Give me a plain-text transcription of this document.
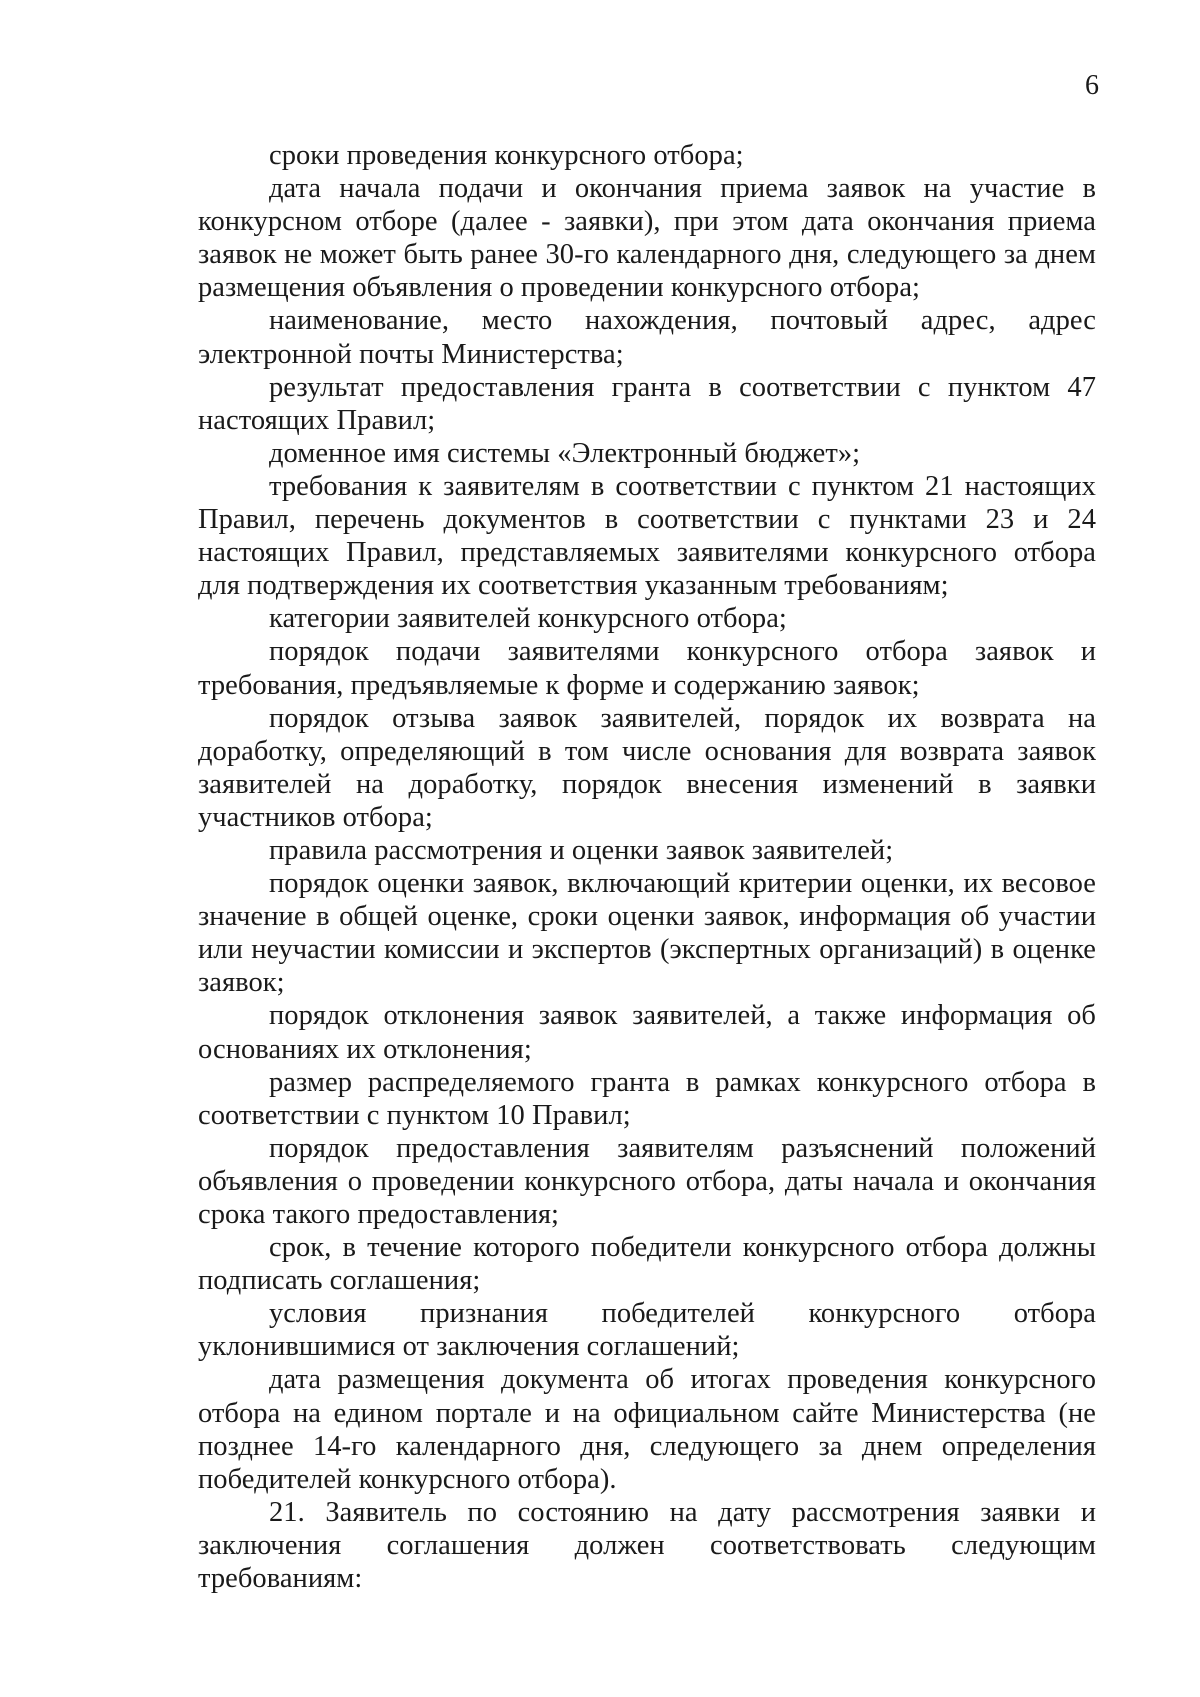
6

сроки проведения конкурсного отбора;

дата начала подачи и окончания приема заявок на участие в конкурсном отборе (далее - заявки), при этом дата окончания приема заявок не может быть ранее 30-го календарного дня, следующего за днем размещения объявления о проведении конкурсного отбора;

наименование, место нахождения, почтовый адрес, адрес электронной почты Министерства;

результат предоставления гранта в соответствии с пунктом 47 настоящих Правил;

доменное имя системы «Электронный бюджет»;

требования к заявителям в соответствии с пунктом 21 настоящих Правил, перечень документов в соответствии с пунктами 23 и 24 настоящих Правил, представляемых заявителями конкурсного отбора для подтверждения их соответствия указанным требованиям;

категории заявителей конкурсного отбора;

порядок подачи заявителями конкурсного отбора заявок и требования, предъявляемые к форме и содержанию заявок;

порядок отзыва заявок заявителей, порядок их возврата на доработку, определяющий в том числе основания для возврата заявок заявителей на доработку, порядок внесения изменений в заявки участников отбора;

правила рассмотрения и оценки заявок заявителей;

порядок оценки заявок, включающий критерии оценки, их весовое значение в общей оценке, сроки оценки заявок, информация об участии или неучастии комиссии и экспертов (экспертных организаций) в оценке заявок;

порядок отклонения заявок заявителей, а также информация об основаниях их отклонения;

размер распределяемого гранта в рамках конкурсного отбора в соответствии с пунктом 10 Правил;

порядок предоставления заявителям разъяснений положений объявления о проведении конкурсного отбора, даты начала и окончания срока такого предоставления;

срок, в течение которого победители конкурсного отбора должны подписать соглашения;

условия признания победителей конкурсного отбора уклонившимися от заключения соглашений;

дата размещения документа об итогах проведения конкурсного отбора на едином портале и на официальном сайте Министерства (не позднее 14-го календарного дня, следующего за днем определения победителей конкурсного отбора).

21. Заявитель по состоянию на дату рассмотрения заявки и заключения соглашения должен соответствовать следующим требованиям:
